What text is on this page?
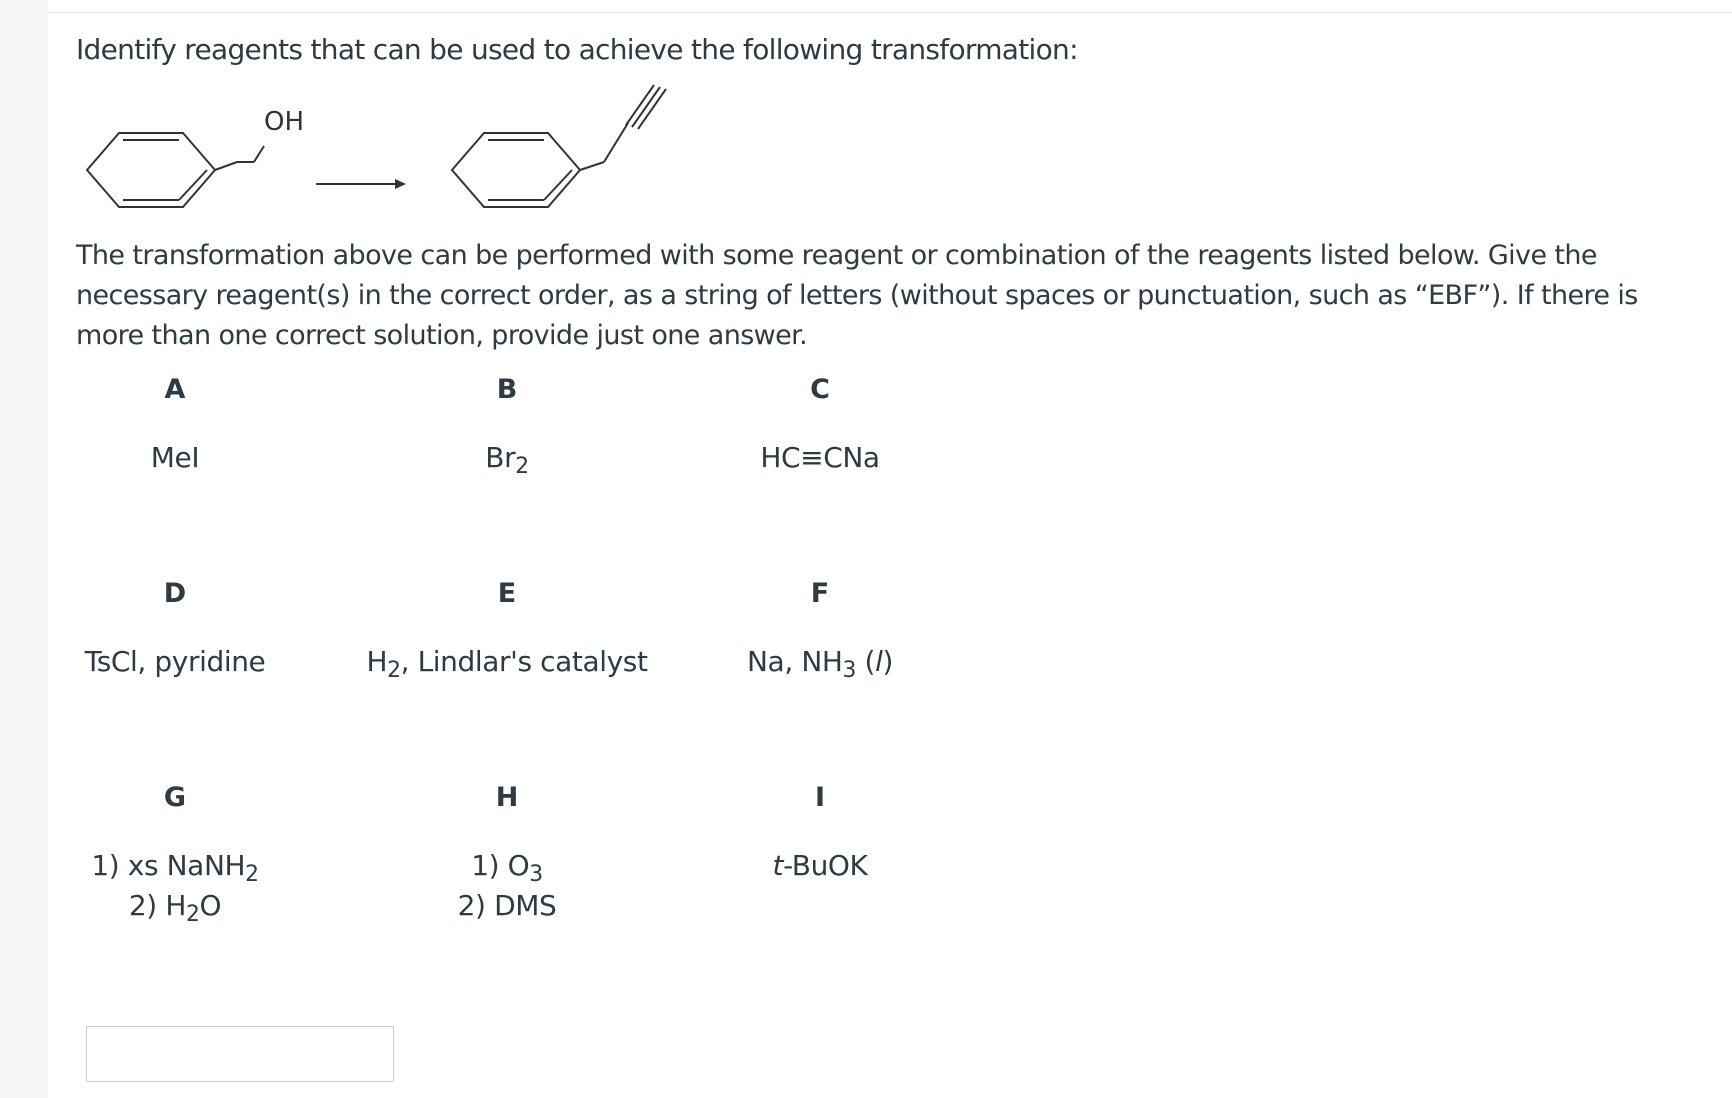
Identify reagents that can be used to achieve the following transformation:
OH
The transformation above can be performed with some reagent or combination of the reagents listed below. Give the necessary reagent(s) in the correct order, as a string of letters (without spaces or punctuation, such as “EBF”). If there is more than one correct solution, provide just one answer.
A
MeI
B
$Br_2$
C
HC≡CNa
D
TsCl, pyridine
E
$H_2$, Lindlar's catalyst
F
Na, $NH_3$ (l)
G
1) xs NaNH$_2$
2) $H_2O$
H
1) $O_3$
2) DMS
I
t-BuOK
